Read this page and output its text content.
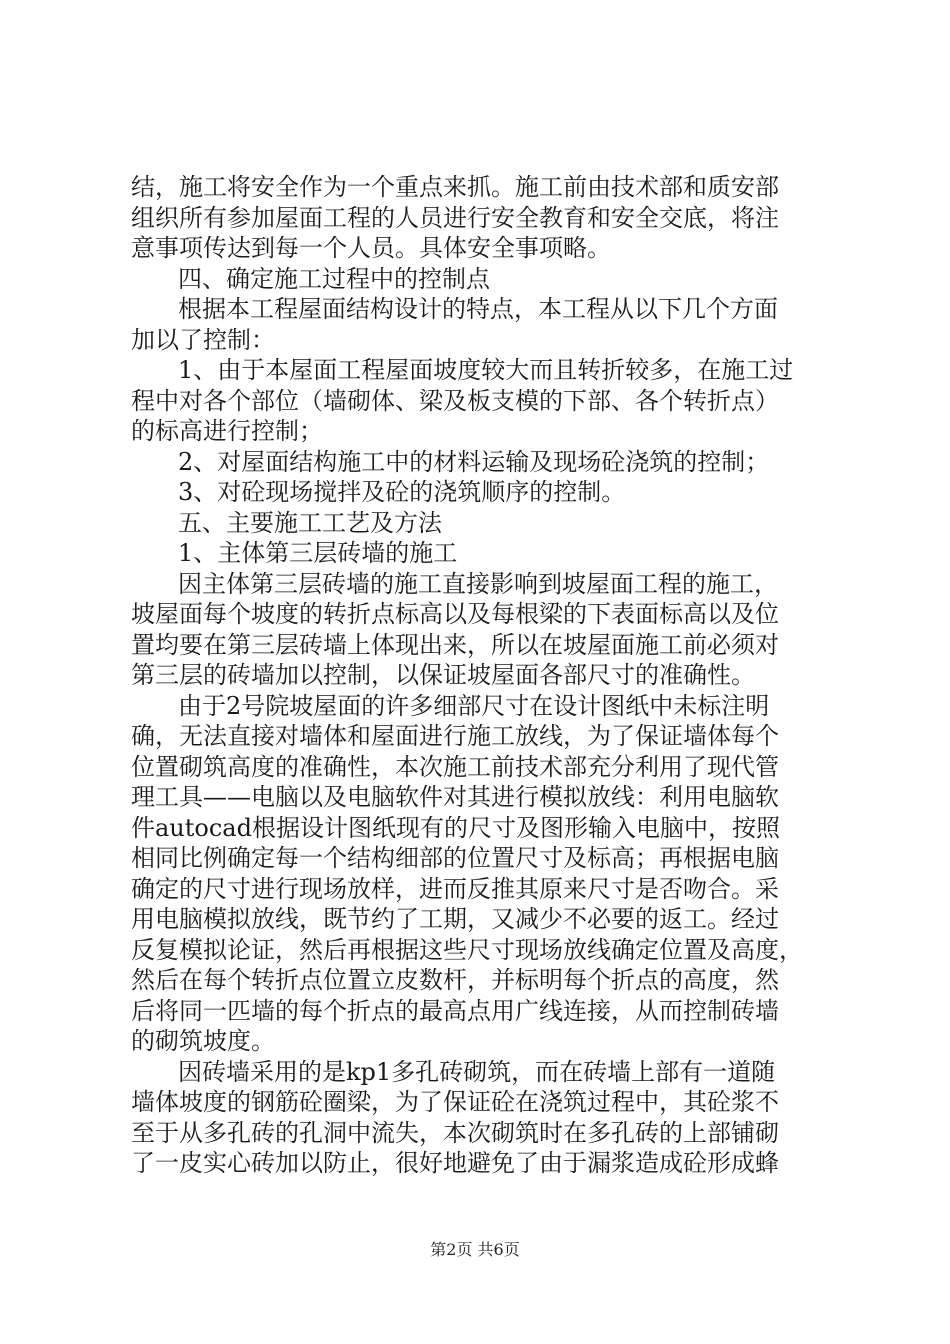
结，施工将安全作为一个重点来抓。施工前由技术部和质安部
组织所有参加屋面工程的人员进行安全教育和安全交底，将注
意事项传达到每一个人员。具体安全事项略。
四、确定施工过程中的控制点
根据本工程屋面结构设计的特点，本工程从以下几个方面
加以了控制：
1、由于本屋面工程屋面坡度较大而且转折较多，在施工过
程中对各个部位（墙砌体、梁及板支模的下部、各个转折点）
的标高进行控制；
2、对屋面结构施工中的材料运输及现场砼浇筑的控制；
3、对砼现场搅拌及砼的浇筑顺序的控制。
五、主要施工工艺及方法
1、主体第三层砖墙的施工
因主体第三层砖墙的施工直接影响到坡屋面工程的施工，
坡屋面每个坡度的转折点标高以及每根梁的下表面标高以及位
置均要在第三层砖墙上体现出来，所以在坡屋面施工前必须对
第三层的砖墙加以控制，以保证坡屋面各部尺寸的准确性。
由于2号院坡屋面的许多细部尺寸在设计图纸中未标注明
确，无法直接对墙体和屋面进行施工放线，为了保证墙体每个
位置砌筑高度的准确性，本次施工前技术部充分利用了现代管
理工具——电脑以及电脑软件对其进行模拟放线：利用电脑软
件autocad根据设计图纸现有的尺寸及图形输入电脑中，按照
相同比例确定每一个结构细部的位置尺寸及标高；再根据电脑
确定的尺寸进行现场放样，进而反推其原来尺寸是否吻合。采
用电脑模拟放线，既节约了工期，又减少不必要的返工。经过
反复模拟论证，然后再根据这些尺寸现场放线确定位置及高度，
然后在每个转折点位置立皮数杆，并标明每个折点的高度，然
后将同一匹墙的每个折点的最高点用广线连接，从而控制砖墙
的砌筑坡度。
因砖墙采用的是kp1多孔砖砌筑，而在砖墙上部有一道随
墙体坡度的钢筋砼圈梁，为了保证砼在浇筑过程中，其砼浆不
至于从多孔砖的孔洞中流失，本次砌筑时在多孔砖的上部铺砌
了一皮实心砖加以防止，很好地避免了由于漏浆造成砼形成蜂
第2页 共6页
